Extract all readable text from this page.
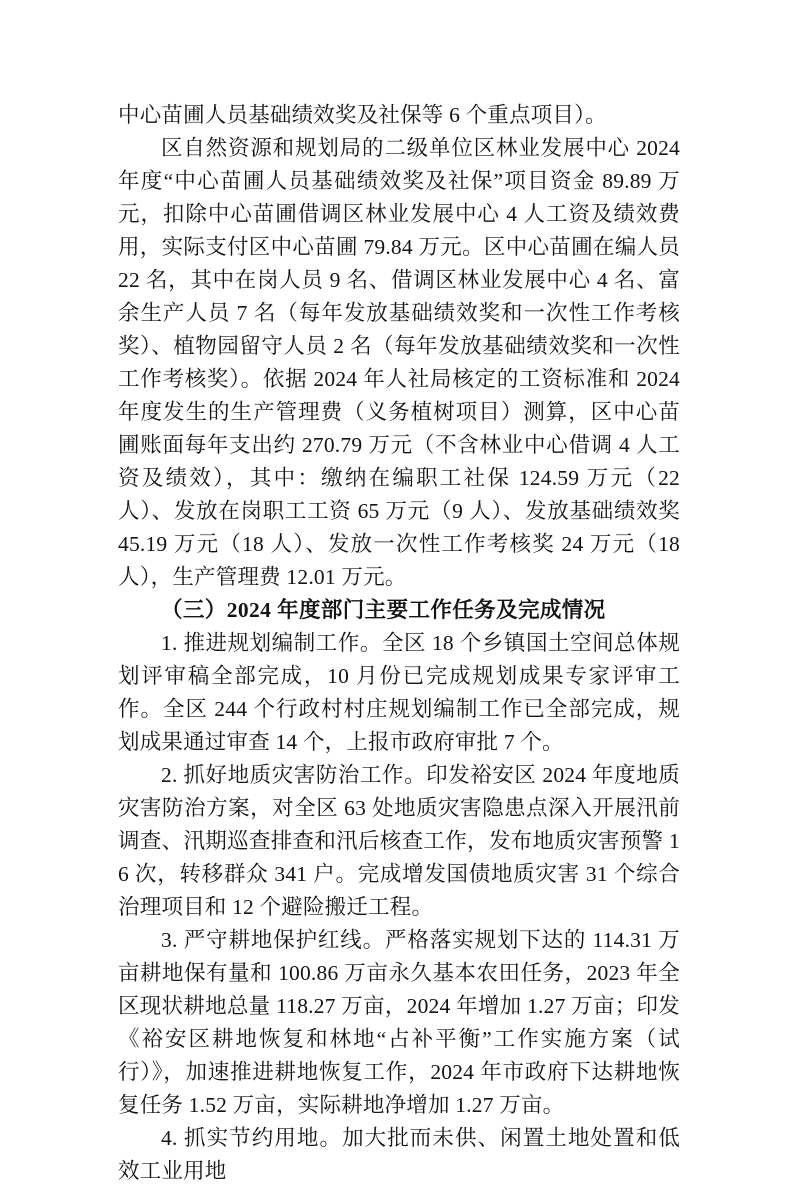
中心苗圃人员基础绩效奖及社保等 6 个重点项目）。

区自然资源和规划局的二级单位区林业发展中心 2024 年度“中心苗圃人员基础绩效奖及社保”项目资金 89.89 万元，扣除中心苗圃借调区林业发展中心 4 人工资及绩效费用，实际支付区中心苗圃 79.84 万元。区中心苗圃在编人员 22 名，其中在岗人员 9 名、借调区林业发展中心 4 名、富余生产人员 7 名（每年发放基础绩效奖和一次性工作考核奖）、植物园留守人员 2 名（每年发放基础绩效奖和一次性工作考核奖）。依据 2024 年人社局核定的工资标准和 2024 年度发生的生产管理费（义务植树项目）测算，区中心苗圃账面每年支出约 270.79 万元（不含林业中心借调 4 人工资及绩效），其中：缴纳在编职工社保 124.59 万元（22 人）、发放在岗职工工资 65 万元（9 人）、发放基础绩效奖 45.19 万元（18 人）、发放一次性工作考核奖 24 万元（18 人），生产管理费 12.01 万元。

（三）2024 年度部门主要工作任务及完成情况

1. 推进规划编制工作。全区 18 个乡镇国土空间总体规划评审稿全部完成，10 月份已完成规划成果专家评审工作。全区 244 个行政村村庄规划编制工作已全部完成，规划成果通过审查 14 个，上报市政府审批 7 个。

2. 抓好地质灾害防治工作。印发裕安区 2024 年度地质灾害防治方案，对全区 63 处地质灾害隐患点深入开展汛前调查、汛期巡查排查和汛后核查工作，发布地质灾害预警 16 次，转移群众 341 户。完成增发国债地质灾害 31 个综合治理项目和 12 个避险搬迁工程。

3. 严守耕地保护红线。严格落实规划下达的 114.31 万亩耕地保有量和 100.86 万亩永久基本农田任务，2023 年全区现状耕地总量 118.27 万亩，2024 年增加 1.27 万亩；印发《裕安区耕地恢复和林地“占补平衡”工作实施方案（试行）》，加速推进耕地恢复工作，2024 年市政府下达耕地恢复任务 1.52 万亩，实际耕地净增加 1.27 万亩。

4. 抓实节约用地。加大批而未供、闲置土地处置和低效工业用地
